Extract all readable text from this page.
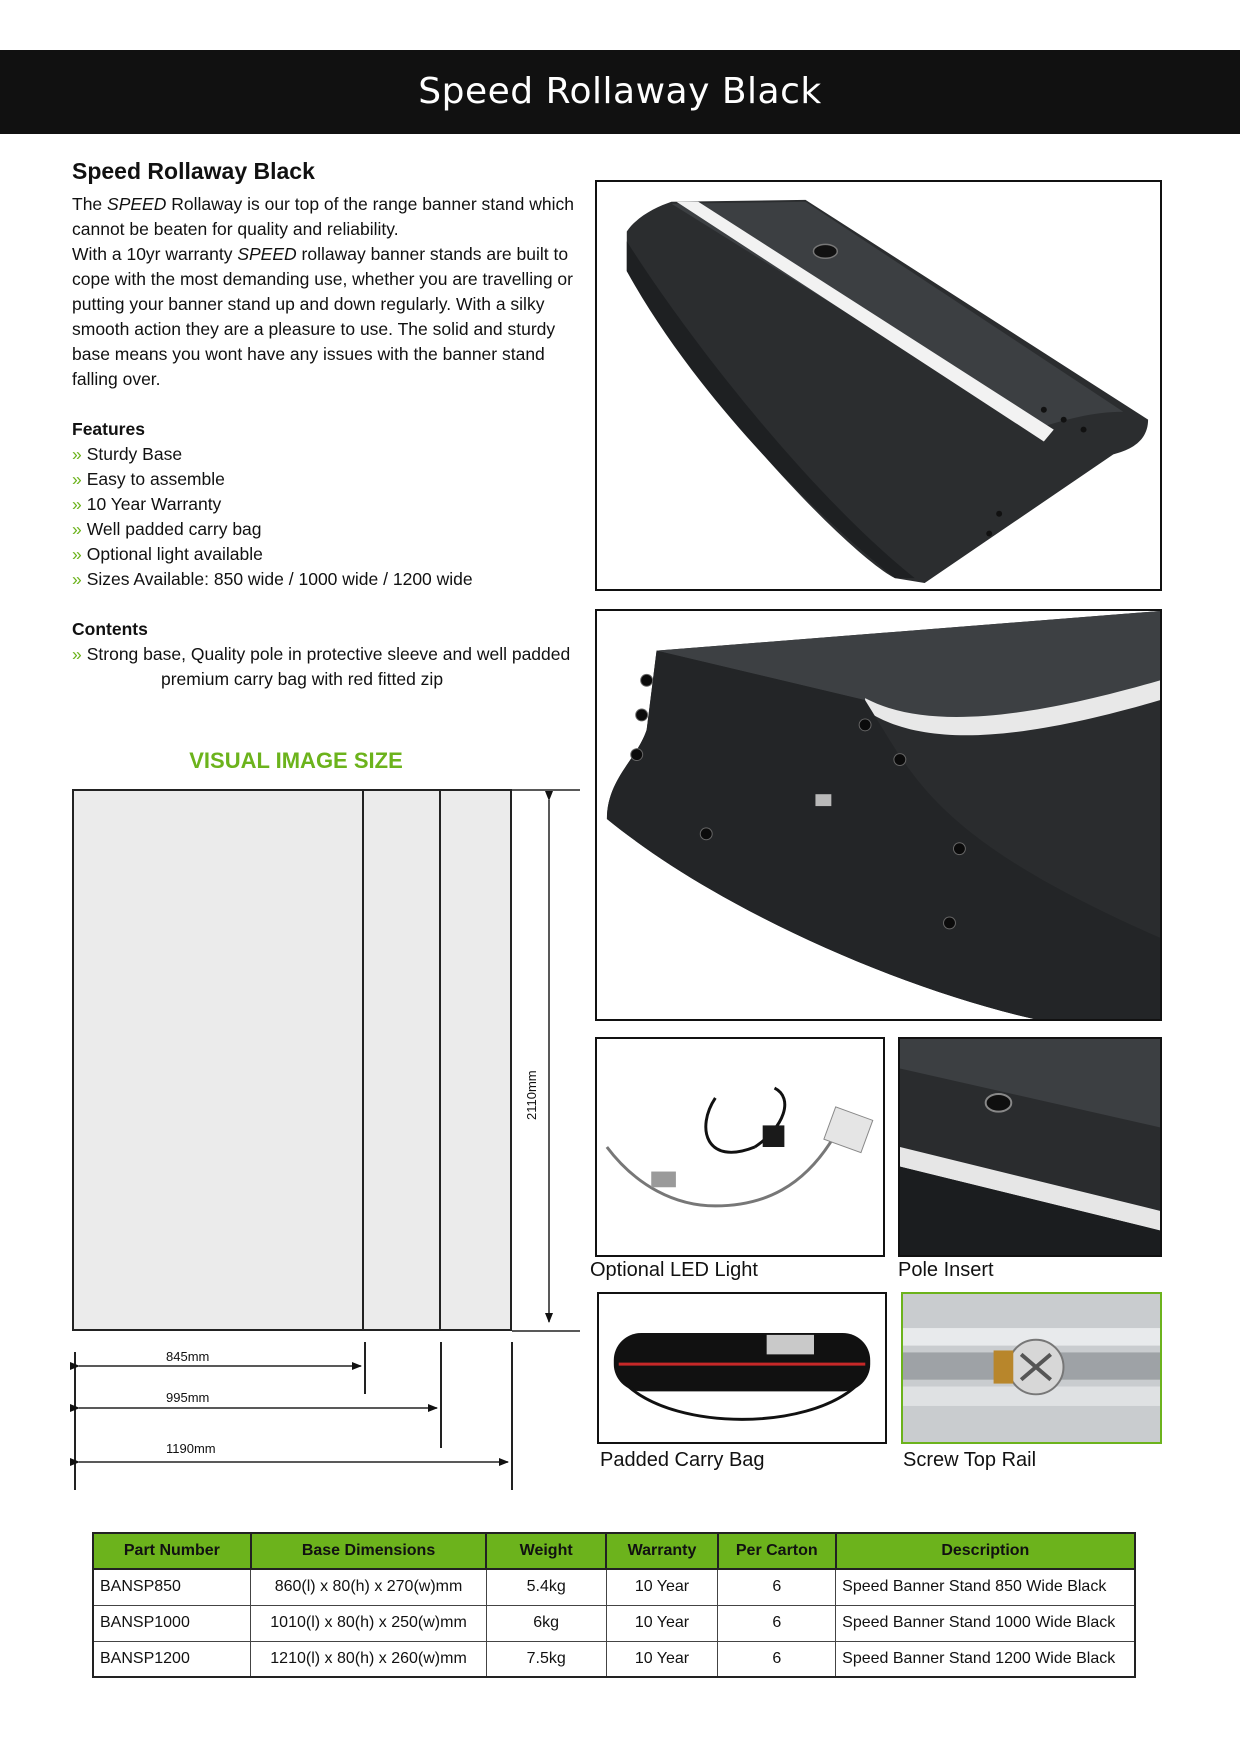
Speed Rollaway Black
Speed Rollaway Black
The SPEED Rollaway is our top of the range banner stand which cannot be beaten for quality and reliability.
With a 10yr warranty SPEED rollaway banner stands are built to cope with the most demanding use, whether you are travelling or putting your banner stand up and down regularly. With a silky smooth action they are a pleasure to use. The solid and sturdy base means you wont have any issues with the banner stand falling over.
Features
» Sturdy Base
» Easy to assemble
» 10 Year Warranty
» Well padded carry bag
» Optional light available
» Sizes Available: 850 wide / 1000 wide / 1200 wide
Contents
» Strong base, Quality pole in protective sleeve and well padded
premium carry bag with red fitted zip
VISUAL IMAGE SIZE
845mm
995mm
1190mm
2110mm
Optional LED Light	Pole Insert
Padded Carry Bag	Screw Top Rail
Part Number	Base Dimensions	Weight	Warranty	Per Carton	Description
BANSP850	860(l) x 80(h) x 270(w)mm	5.4kg	10 Year	6	Speed Banner Stand 850 Wide Black
BANSP1000	1010(l) x 80(h) x 250(w)mm	6kg	10 Year	6	Speed Banner Stand 1000 Wide Black
BANSP1200	1210(l) x 80(h) x 260(w)mm	7.5kg	10 Year	6	Speed Banner Stand 1200 Wide Black
